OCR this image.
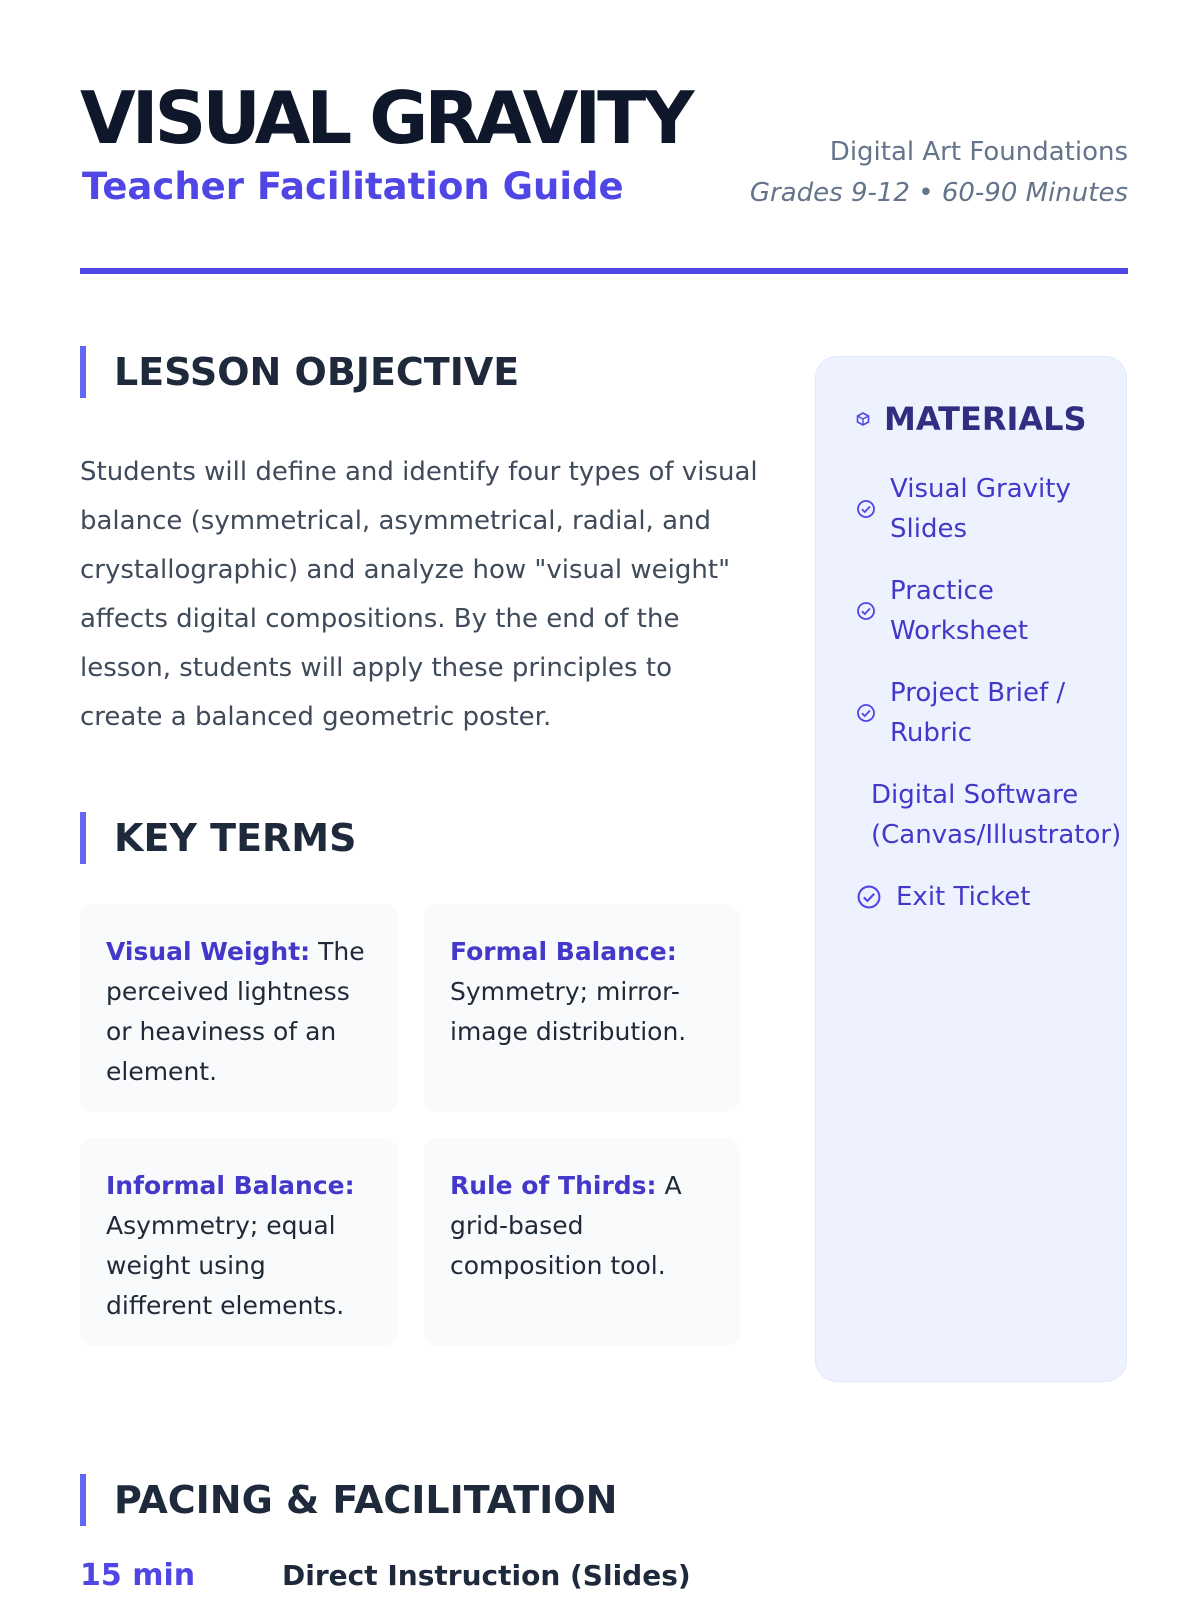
VISUAL GRAVITY
Teacher Facilitation Guide
Digital Art Foundations
Grades 9-12 • 60-90 Minutes
LESSON OBJECTIVE

Students will define and identify four types of visual balance (symmetrical, asymmetrical, radial, and crystallographic) and analyze how "visual weight" affects digital compositions. By the end of the lesson, students will apply these principles to create a balanced geometric poster.

KEY TERMS
Visual Weight: The perceived lightness or heaviness of an element.
Formal Balance: Symmetry; mirror-image distribution.
Informal Balance: Asymmetry; equal weight using different elements.
Rule of Thirds: A grid-based composition tool.
MATERIALS
Visual Gravity Slides
Practice Worksheet
Project Brief / Rubric
Digital Software (Canvas/Illustrator)
Exit Ticket
PACING & FACILITATION
15 min	Direct Instruction (Slides)
